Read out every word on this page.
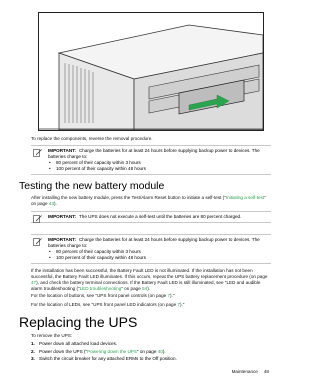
To replace the components, reverse the removal procedure.
IMPORTANT: Charge the batteries for at least 24 hours before supplying backup power to devices. The batteries charge to:
• 80 percent of their capacity within 3 hours
• 100 percent of their capacity within 48 hours
Testing the new battery module
After installing the new battery module, press the Test/Alarm Reset button to initiate a self-test ("Initiating a self-test" on page 43).
IMPORTANT: The UPS does not execute a self-test until the batteries are 80 percent charged.
IMPORTANT: Charge the batteries for at least 24 hours before supplying backup power to devices. The batteries charge to:
• 80 percent of their capacity within 3 hours
• 100 percent of their capacity within 48 hours
If the installation has been successful, the Battery Fault LED is not illuminated. If the installation has not been successful, the Battery Fault LED illuminates. If this occurs, repeat the UPS battery replacement procedure (on page 47), and check the battery terminal connections. If the Battery Fault LED is still illuminated, see "LED and audible alarm troubleshooting ("LED troubleshooting" on page 54).
For the location of buttons, see "UPS front panel controls (on page 7)."
For the location of LEDs, see "UPS front panel LED indicators (on page 7)."
Replacing the UPS
To remove the UPS:
1. Power down all attached load devices.
2. Power down the UPS ("Powering down the UPS" on page 40).
3. Switch the circuit breaker for any attached ERMs to the Off position.
Maintenance 48
